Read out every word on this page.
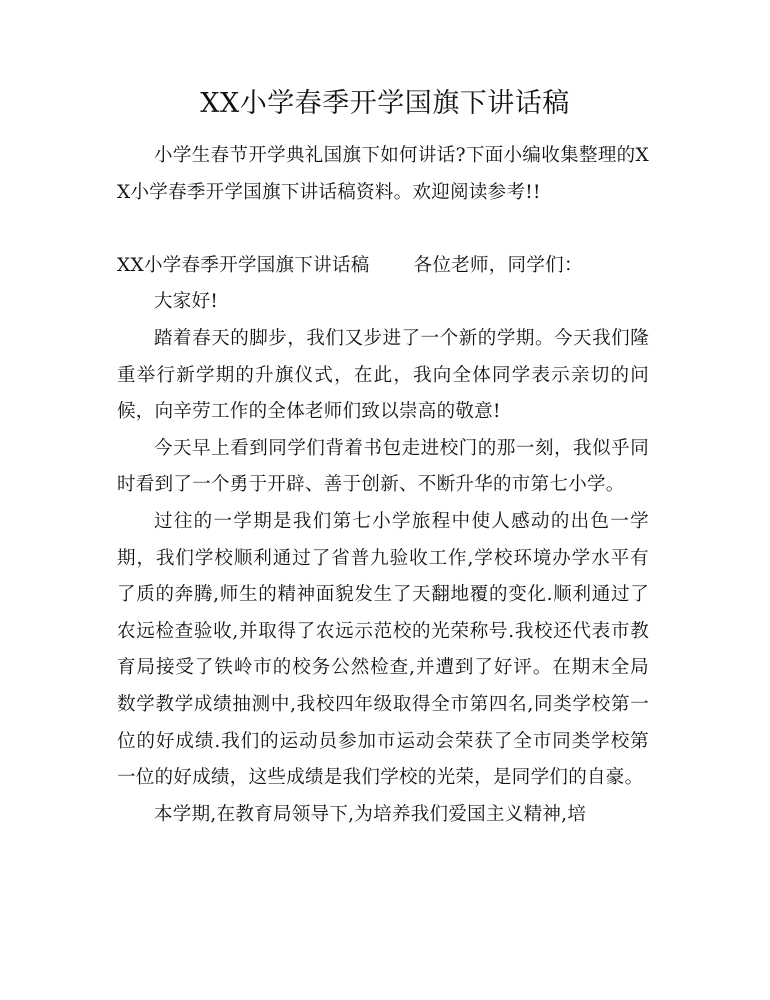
XX小学春季开学国旗下讲话稿

小学生春节开学典礼国旗下如何讲话?下面小编收集整理的XX小学春季开学国旗下讲话稿资料。欢迎阅读参考!!

XX小学春季开学国旗下讲话稿 各位老师，同学们：

大家好!

踏着春天的脚步，我们又步进了一个新的学期。今天我们隆重举行新学期的升旗仪式，在此，我向全体同学表示亲切的问候，向辛劳工作的全体老师们致以崇高的敬意!

今天早上看到同学们背着书包走进校门的那一刻，我似乎同时看到了一个勇于开辟、善于创新、不断升华的市第七小学。

过往的一学期是我们第七小学旅程中使人感动的出色一学期，我们学校顺利通过了省普九验收工作,学校环境办学水平有了质的奔腾,师生的精神面貌发生了天翻地覆的变化.顺利通过了农远检查验收,并取得了农远示范校的光荣称号.我校还代表市教育局接受了铁岭市的校务公然检查,并遭到了好评。在期末全局数学教学成绩抽测中,我校四年级取得全市第四名,同类学校第一位的好成绩.我们的运动员参加市运动会荣获了全市同类学校第一位的好成绩，这些成绩是我们学校的光荣，是同学们的自豪。

本学期,在教育局领导下,为培养我们爱国主义精神,培
